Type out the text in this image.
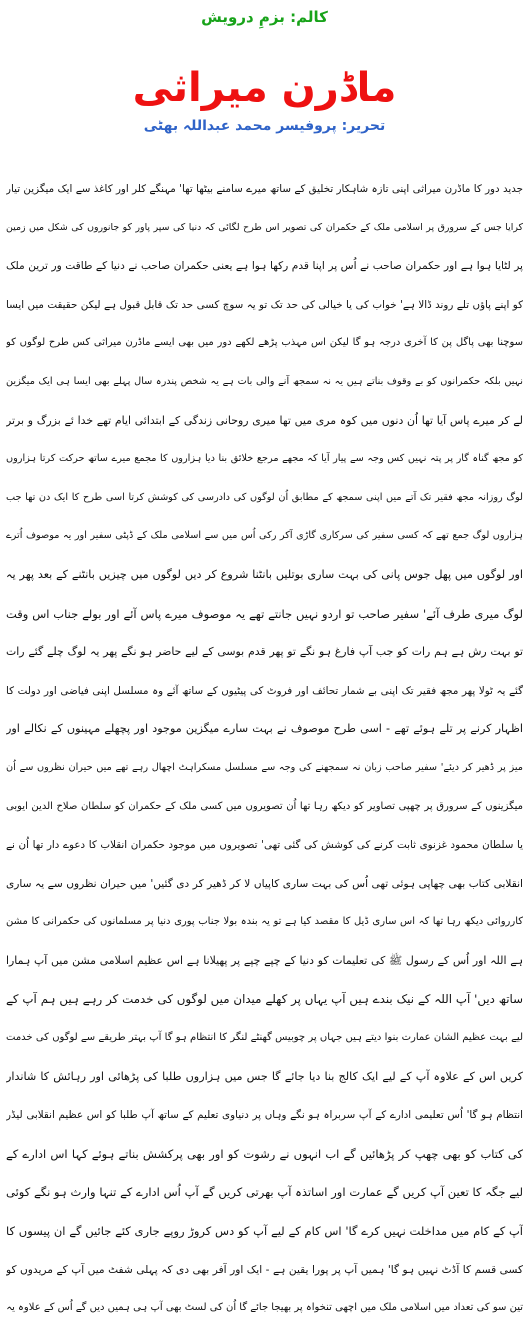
کالم: بزمِ درویش
ماڈرن میراثی
تحریر: پروفیسر محمد عبداللہ بھٹی
جدید دور کا ماڈرن میراثی اپنی تازہ شاہکار تخلیق کے ساتھ میرے سامنے بیٹھا تھا' مہنگے کلر اور کاغذ سے ایک میگزین تیار
کرایا جس کے سرورق پر اسلامی ملک کے حکمران کی تصویر اس طرح لگائی کہ دنیا کی سپر پاور کو جانوروں کی شکل میں زمین
پر لٹایا ہوا ہے اور حکمران صاحب نے اُس پر اپنا قدم رکھا ہوا ہے یعنی حکمران صاحب نے دنیا کے طاقت ور ترین ملک
کو اپنے پاؤں تلے روند ڈالا ہے' خواب کی یا خیالی کی حد تک تو یہ سوچ کسی حد تک قابل قبول ہے لیکن حقیقت میں ایسا
سوچنا بھی پاگل پن کا آخری درجہ ہو گا لیکن اس مہذب پڑھے لکھے دور میں بھی ایسے ماڈرن میراثی کس طرح لوگوں کو
نہیں بلکہ حکمرانوں کو بے وقوف بناتے ہیں یہ نہ سمجھ آنے والی بات ہے یہ شخص پندرہ سال پہلے بھی ایسا ہی ایک میگزین
لے کر میرے پاس آیا تھا اُن دنوں میں کوہ مری میں تھا میری روحانی زندگی کے ابتدائی ایام تھے خدا ئے بزرگ و برتر
کو مجھ گناہ گار پر پتہ نہیں کس وجہ سے پیار آیا کہ مجھے مرجع خلائق بنا دیا ہزاروں کا مجمع میرے ساتھ حرکت کرتا ہزاروں
لوگ روزانہ مجھ فقیر تک آتے میں اپنی سمجھ کے مطابق اُن لوگوں کی دادرسی کی کوشش کرتا اسی طرح کا ایک دن تھا جب
ہزاروں لوگ جمع تھے کہ کسی سفیر کی سرکاری گاڑی آکر رکی اُس میں سے اسلامی ملک کے ڈپٹی سفیر اور یہ موصوف اُترے
اور لوگوں میں پھل جوس پانی کی بہت ساری بوتلیں بانٹنا شروع کر دیں لوگوں میں چیزیں بانٹنے کے بعد پھر یہ
لوگ میری طرف آئے' سفیر صاحب تو اردو نہیں جانتے تھے یہ موصوف میرے پاس آئے اور بولے جناب اس وقت
تو بہت رش ہے ہم رات کو جب آپ فارغ ہو نگے تو پھر قدم بوسی کے لیے حاضر ہو نگے پھر یہ لوگ چلے گئے رات
گئے یہ ٹولا پھر مجھ فقیر تک اپنی بے شمار تحائف اور فروٹ کی پیٹیوں کے ساتھ آئے وہ مسلسل اپنی فیاضی اور دولت کا
اظہار کرنے پر تلے ہوئے تھے - اسی طرح موصوف نے بہت سارے میگزین موجود اور پچھلے مہینوں کے نکالے اور
میز پر ڈھیر کر دیئے' سفیر صاحب زبان نہ سمجھنے کی وجہ سے مسلسل مسکراہٹ اچھال رہے تھے میں حیران نظروں سے اُن
میگزینوں کے سرورق پر چھپی تصاویر کو دیکھ رہا تھا اُن تصویروں میں کسی ملک کے حکمران کو سلطان صلاح الدین ایوبی
یا سلطان محمود غزنوی ثابت کرنے کی کوشش کی گئی تھی' تصویروں میں موجود حکمران انقلاب کا دعوے دار تھا اُن نے
انقلابی کتاب بھی چھاپی ہوئی تھی اُس کی بہت ساری کاپیاں لا کر ڈھیر کر دی گئیں' میں حیران نظروں سے یہ ساری
کارروائی دیکھ رہا تھا کہ اس ساری ڈیل کا مقصد کیا ہے تو یہ بندہ بولا جناب پوری دنیا پر مسلمانوں کی حکمرانی کا مشن
ہے اللہ اور اُس کے رسول ﷺ کی تعلیمات کو دنیا کے چپے چپے پر پھیلانا ہے اس عظیم اسلامی مشن میں آپ ہمارا
ساتھ دیں' آپ اللہ کے نیک بندے ہیں آپ یہاں پر کھلے میدان میں لوگوں کی خدمت کر رہے ہیں ہم آپ کے
لیے بہت عظیم الشان عمارت بنوا دیتے ہیں جہاں پر چوبیس گھنٹے لنگر کا انتظام ہو گا آپ بہتر طریقے سے لوگوں کی خدمت
کریں اس کے علاوہ آپ کے لیے ایک کالج بنا دیا جائے گا جس میں ہزاروں طلبا کی پڑھائی اور رہائش کا شاندار
انتظام ہو گا' اُس تعلیمی ادارے کے آپ سربراہ ہو نگے وہاں پر دنیاوی تعلیم کے ساتھ آپ طلبا کو اس عظیم انقلابی لیڈر
کی کتاب کو بھی چھپ کر پڑھائیں گے اب انہوں نے رشوت کو اور بھی پرکشش بناتے ہوئے کہا اس ادارے کے
لیے جگہ کا تعین آپ کریں گے عمارت اور اساتذہ آپ بھرتی کریں گے آپ اُس ادارے کے تنہا وارث ہو نگے کوئی
آپ کے کام میں مداخلت نہیں کرے گا' اس کام کے لیے آپ کو دس کروڑ روپے جاری کئے جائیں گے ان پیسوں کا
کسی قسم کا آڈٹ نہیں ہو گا' ہمیں آپ پر پورا یقین ہے - ایک اور آفر بھی دی کہ پہلی شفٹ میں آپ کے مریدوں کو
تین سو کی تعداد میں اسلامی ملک میں اچھی تنخواہ پر بھیجا جائے گا اُن کی لسٹ بھی آپ ہی ہمیں دیں گے اُس کے علاوہ یہ
